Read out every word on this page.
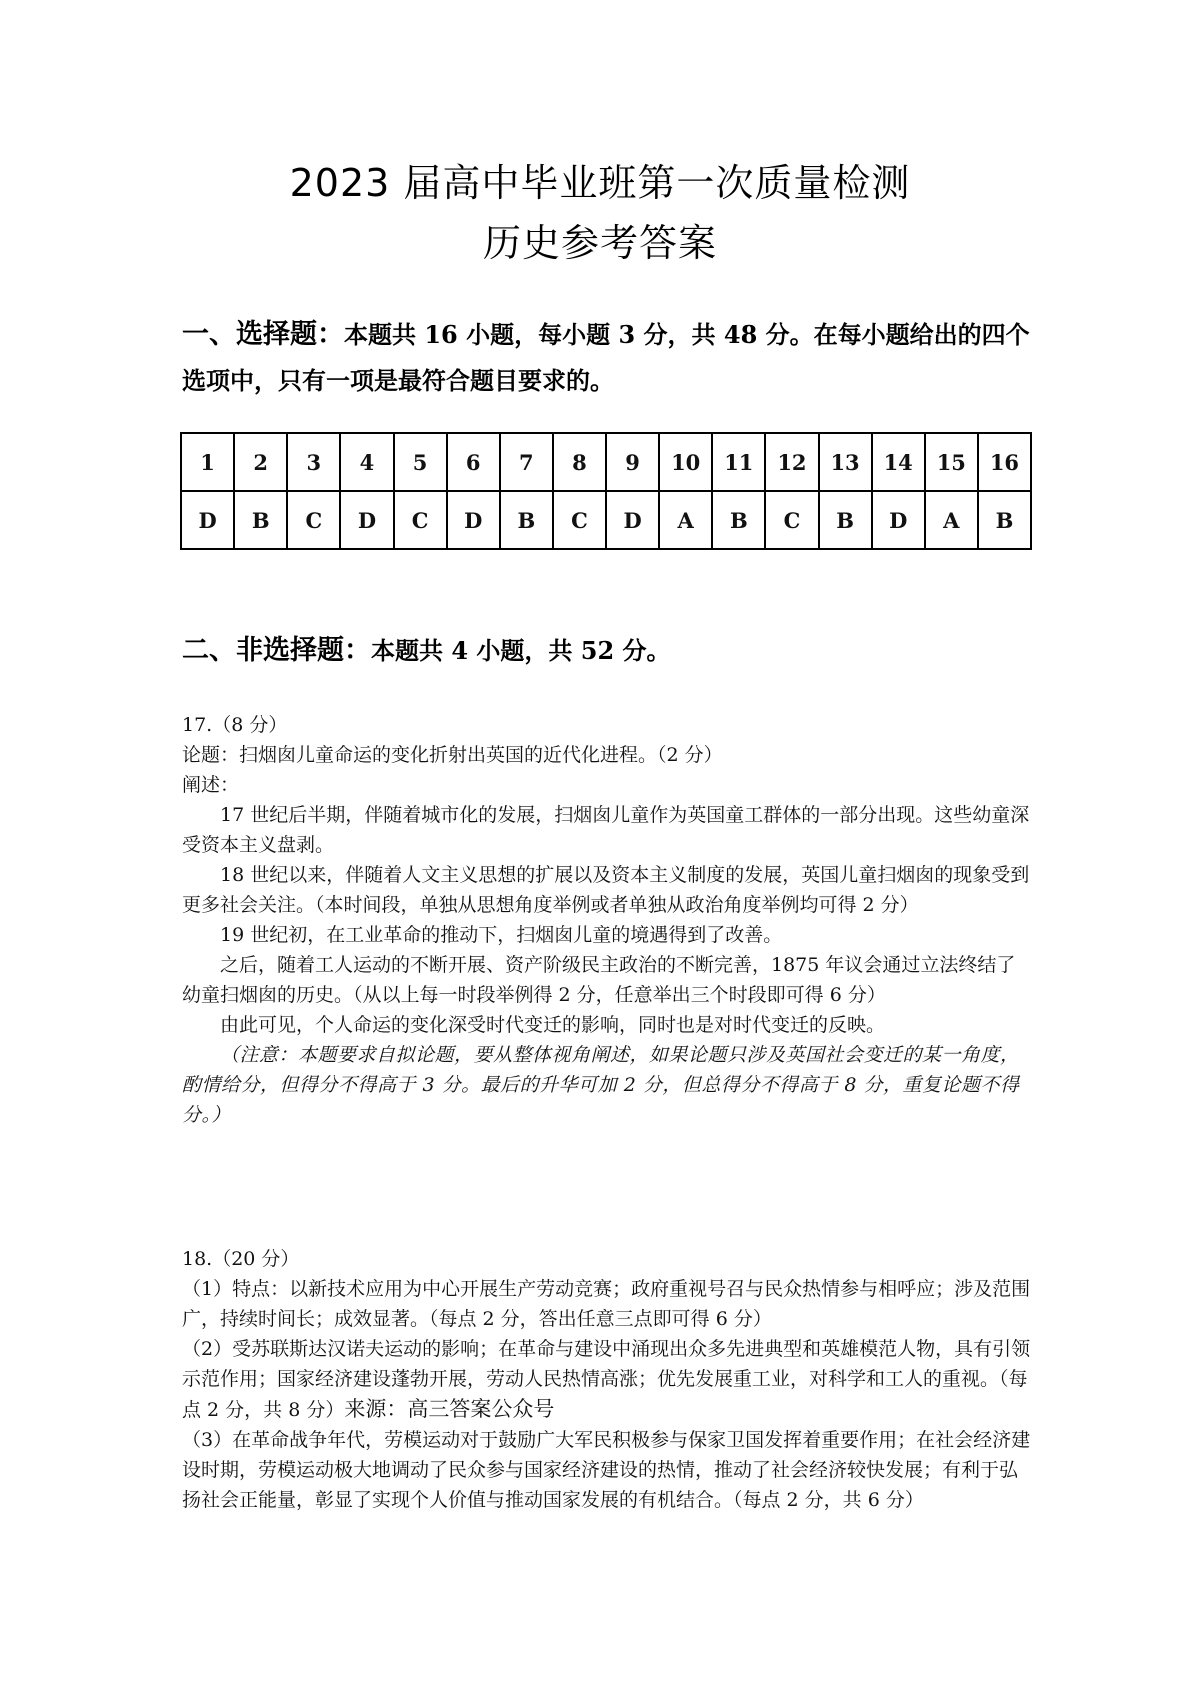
2023 届高中毕业班第一次质量检测
历史参考答案
一、选择题：本题共 16 小题，每小题 3 分，共 48 分。在每小题给出的四个选项中，只有一项是最符合题目要求的。
1	2	3	4	5	6	7	8	9	10	11	12	13	14	15	16
D	B	C	D	C	D	B	C	D	A	B	C	B	D	A	B
二、非选择题：本题共 4 小题，共 52 分。

17.（8 分）

论题：扫烟囱儿童命运的变化折射出英国的近代化进程。（2 分）

阐述：

17 世纪后半期，伴随着城市化的发展，扫烟囱儿童作为英国童工群体的一部分出现。这些幼童深受资本主义盘剥。

18 世纪以来，伴随着人文主义思想的扩展以及资本主义制度的发展，英国儿童扫烟囱的现象受到更多社会关注。（本时间段，单独从思想角度举例或者单独从政治角度举例均可得 2 分）

19 世纪初，在工业革命的推动下，扫烟囱儿童的境遇得到了改善。

之后，随着工人运动的不断开展、资产阶级民主政治的不断完善，1875 年议会通过立法终结了幼童扫烟囱的历史。（从以上每一时段举例得 2 分，任意举出三个时段即可得 6 分）

由此可见，个人命运的变化深受时代变迁的影响，同时也是对时代变迁的反映。

（注意：本题要求自拟论题，要从整体视角阐述，如果论题只涉及英国社会变迁的某一角度，酌情给分，但得分不得高于 3 分。最后的升华可加 2 分，但总得分不得高于 8 分，重复论题不得分。）

18.（20 分）

（1）特点：以新技术应用为中心开展生产劳动竞赛；政府重视号召与民众热情参与相呼应；涉及范围广，持续时间长；成效显著。（每点 2 分，答出任意三点即可得 6 分）

（2）受苏联斯达汉诺夫运动的影响；在革命与建设中涌现出众多先进典型和英雄模范人物，具有引领示范作用；国家经济建设蓬勃开展，劳动人民热情高涨；优先发展重工业，对科学和工人的重视。（每点 2 分，共 8 分）来源：高三答案公众号

（3）在革命战争年代，劳模运动对于鼓励广大军民积极参与保家卫国发挥着重要作用；在社会经济建设时期，劳模运动极大地调动了民众参与国家经济建设的热情，推动了社会经济较快发展；有利于弘扬社会正能量，彰显了实现个人价值与推动国家发展的有机结合。（每点 2 分，共 6 分）
